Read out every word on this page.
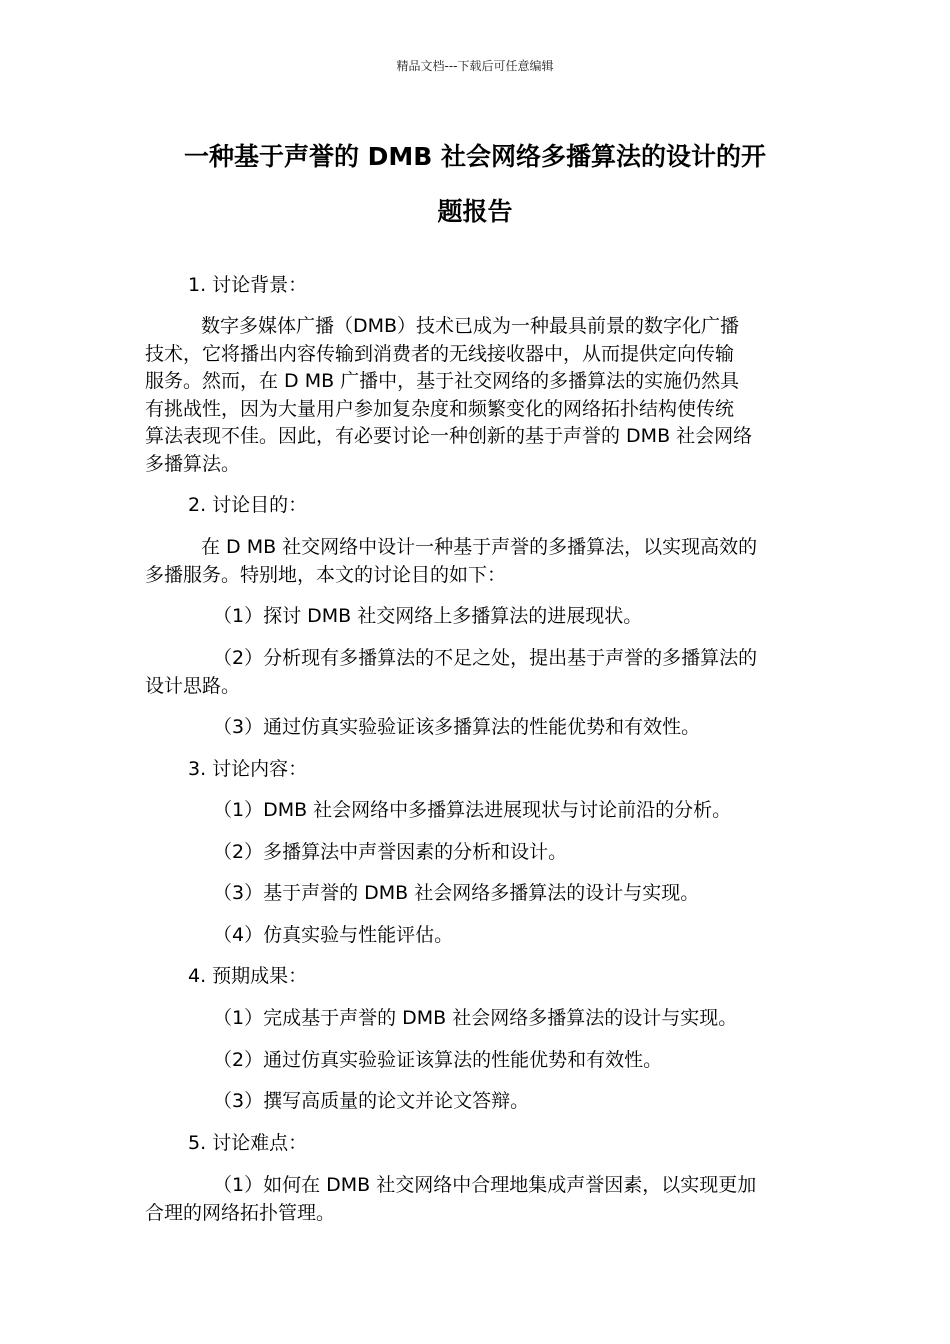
精品文档---下载后可任意编辑
一种基于声誉的 DMB 社会网络多播算法的设计的开
题报告

1. 讨论背景：

数字多媒体广播（DMB）技术已成为一种最具前景的数字化广播
技术，它将播出内容传输到消费者的无线接收器中，从而提供定向传输
服务。然而，在 D MB 广播中，基于社交网络的多播算法的实施仍然具
有挑战性，因为大量用户参加复杂度和频繁变化的网络拓扑结构使传统
算法表现不佳。因此，有必要讨论一种创新的基于声誉的 DMB 社会网络
多播算法。

2. 讨论目的：

在 D MB 社交网络中设计一种基于声誉的多播算法，以实现高效的
多播服务。特别地，本文的讨论目的如下：

（1）探讨 DMB 社交网络上多播算法的进展现状。

（2）分析现有多播算法的不足之处，提出基于声誉的多播算法的
设计思路。

（3）通过仿真实验验证该多播算法的性能优势和有效性。

3. 讨论内容：

（1）DMB 社会网络中多播算法进展现状与讨论前沿的分析。

（2）多播算法中声誉因素的分析和设计。

（3）基于声誉的 DMB 社会网络多播算法的设计与实现。

（4）仿真实验与性能评估。

4. 预期成果：

（1）完成基于声誉的 DMB 社会网络多播算法的设计与实现。

（2）通过仿真实验验证该算法的性能优势和有效性。

（3）撰写高质量的论文并论文答辩。

5. 讨论难点：

（1）如何在 DMB 社交网络中合理地集成声誉因素，以实现更加
合理的网络拓扑管理。
